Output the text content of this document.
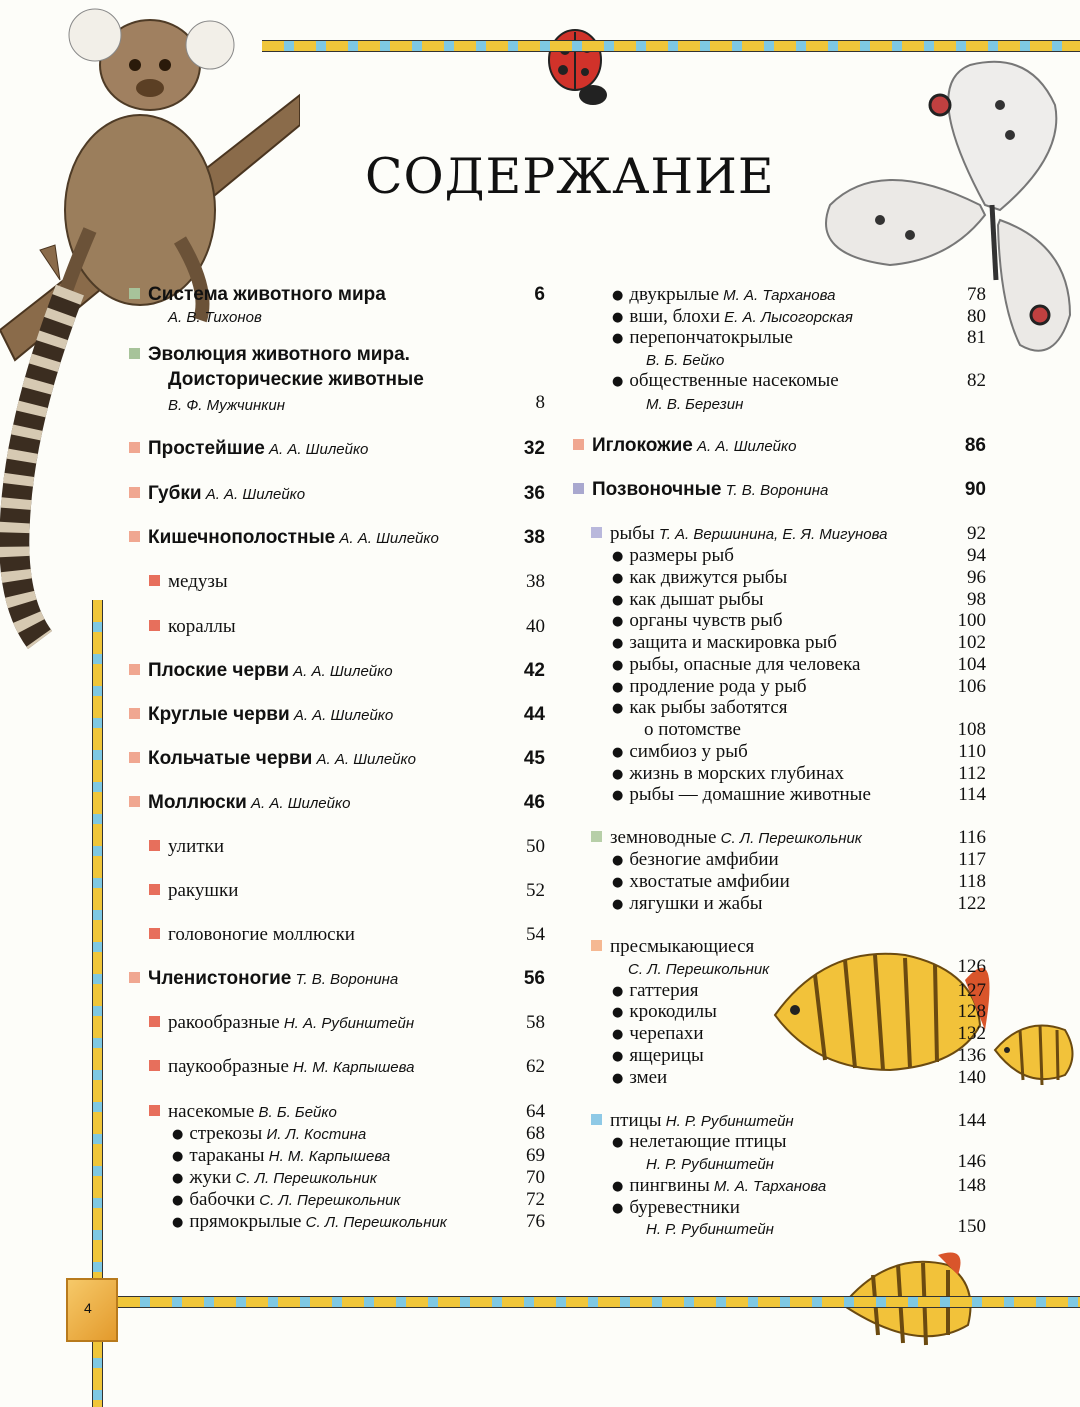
4
СОДЕРЖАНИЕ
Система животного мира	6
А. В. Тихонов
Эволюция животного мира.
Доисторические животные
В. Ф. Мужчинкин	8
Простейшие А. А. Шилейко	32
Губки А. А. Шилейко	36
Кишечнополостные А. А. Шилейко	38
медузы	38
кораллы	40
Плоские черви А. А. Шилейко	42
Круглые черви А. А. Шилейко	44
Кольчатые черви А. А. Шилейко	45
Моллюски А. А. Шилейко	46
улитки	50
ракушки	52
головоногие моллюски	54
Членистоногие Т. В. Воронина	56
ракообразные Н. А. Рубинштейн	58
паукообразные Н. М. Карпышева	62
насекомые В. Б. Бейко	64
● стрекозы И. Л. Костина	68
● тараканы Н. М. Карпышева	69
● жуки С. Л. Перешкольник	70
● бабочки С. Л. Перешкольник	72
● прямокрылые С. Л. Перешкольник	76
● двукрылые М. А. Тарханова	78
● вши, блохи Е. А. Лысогорская	80
● перепончатокрылые	81
В. Б. Бейко
● общественные насекомые	82
М. В. Березин
Иглокожие А. А. Шилейко	86
Позвоночные Т. В. Воронина	90
рыбы Т. А. Вершинина, Е. Я. Мигунова	92
● размеры рыб	94
● как движутся рыбы	96
● как дышат рыбы	98
● органы чувств рыб	100
● защита и маскировка рыб	102
● рыбы, опасные для человека	104
● продление рода у рыб	106
● как рыбы заботятся
о потомстве	108
● симбиоз у рыб	110
● жизнь в морских глубинах	112
● рыбы — домашние животные	114
земноводные С. Л. Перешкольник	116
● безногие амфибии	117
● хвостатые амфибии	118
● лягушки и жабы	122
пресмыкающиеся
С. Л. Перешкольник	126
● гаттерия	127
● крокодилы	128
● черепахи	132
● ящерицы	136
● змеи	140
птицы Н. Р. Рубинштейн	144
● нелетающие птицы
Н. Р. Рубинштейн	146
● пингвины М. А. Тарханова	148
● буревестники
Н. Р. Рубинштейн	150
